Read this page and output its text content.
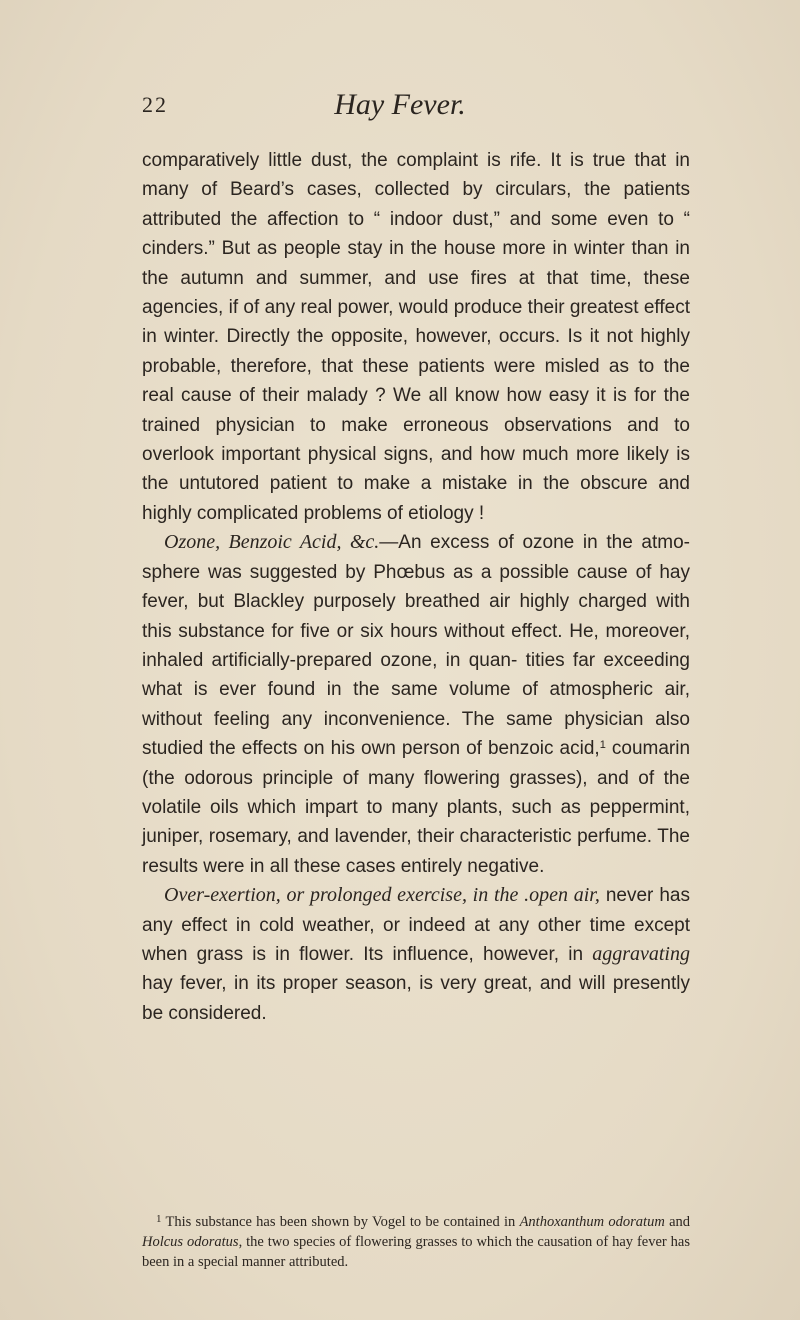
22	Hay Fever.

comparatively little dust, the complaint is rife. It is true that in many of Beard’s cases, collected by circulars, the patients attributed the affection to “ indoor dust,” and some even to “ cinders.” But as people stay in the house more in winter than in the autumn and summer, and use fires at that time, these agencies, if of any real power, would produce their greatest effect in winter. Directly the opposite, however, occurs. Is it not highly probable, therefore, that these patients were misled as to the real cause of their malady ? We all know how easy it is for the trained physician to make erroneous observations and to overlook important physical signs, and how much more likely is the untutored patient to make a mistake in the obscure and highly complicated problems of etiology !

Ozone, Benzoic Acid, &c.—An excess of ozone in the atmo- sphere was suggested by Phœbus as a possible cause of hay fever, but Blackley purposely breathed air highly charged with this substance for five or six hours without effect. He, moreover, inhaled artificially-prepared ozone, in quan- tities far exceeding what is ever found in the same volume of atmospheric air, without feeling any inconvenience. The same physician also studied the effects on his own person of benzoic acid,$^1$ coumarin (the odorous principle of many flowering grasses), and of the volatile oils which impart to many plants, such as peppermint, juniper, rosemary, and lavender, their characteristic perfume. The results were in all these cases entirely negative.

Over-exertion, or prolonged exercise, in the .open air, never has any effect in cold weather, or indeed at any other time except when grass is in flower. Its influence, however, in aggravating hay fever, in its proper season, is very great, and will presently be considered.

$^1$ This substance has been shown by Vogel to be contained in Anthoxanthum odoratum and Holcus odoratus, the two species of flowering grasses to which the causation of hay fever has been in a special manner attributed.
